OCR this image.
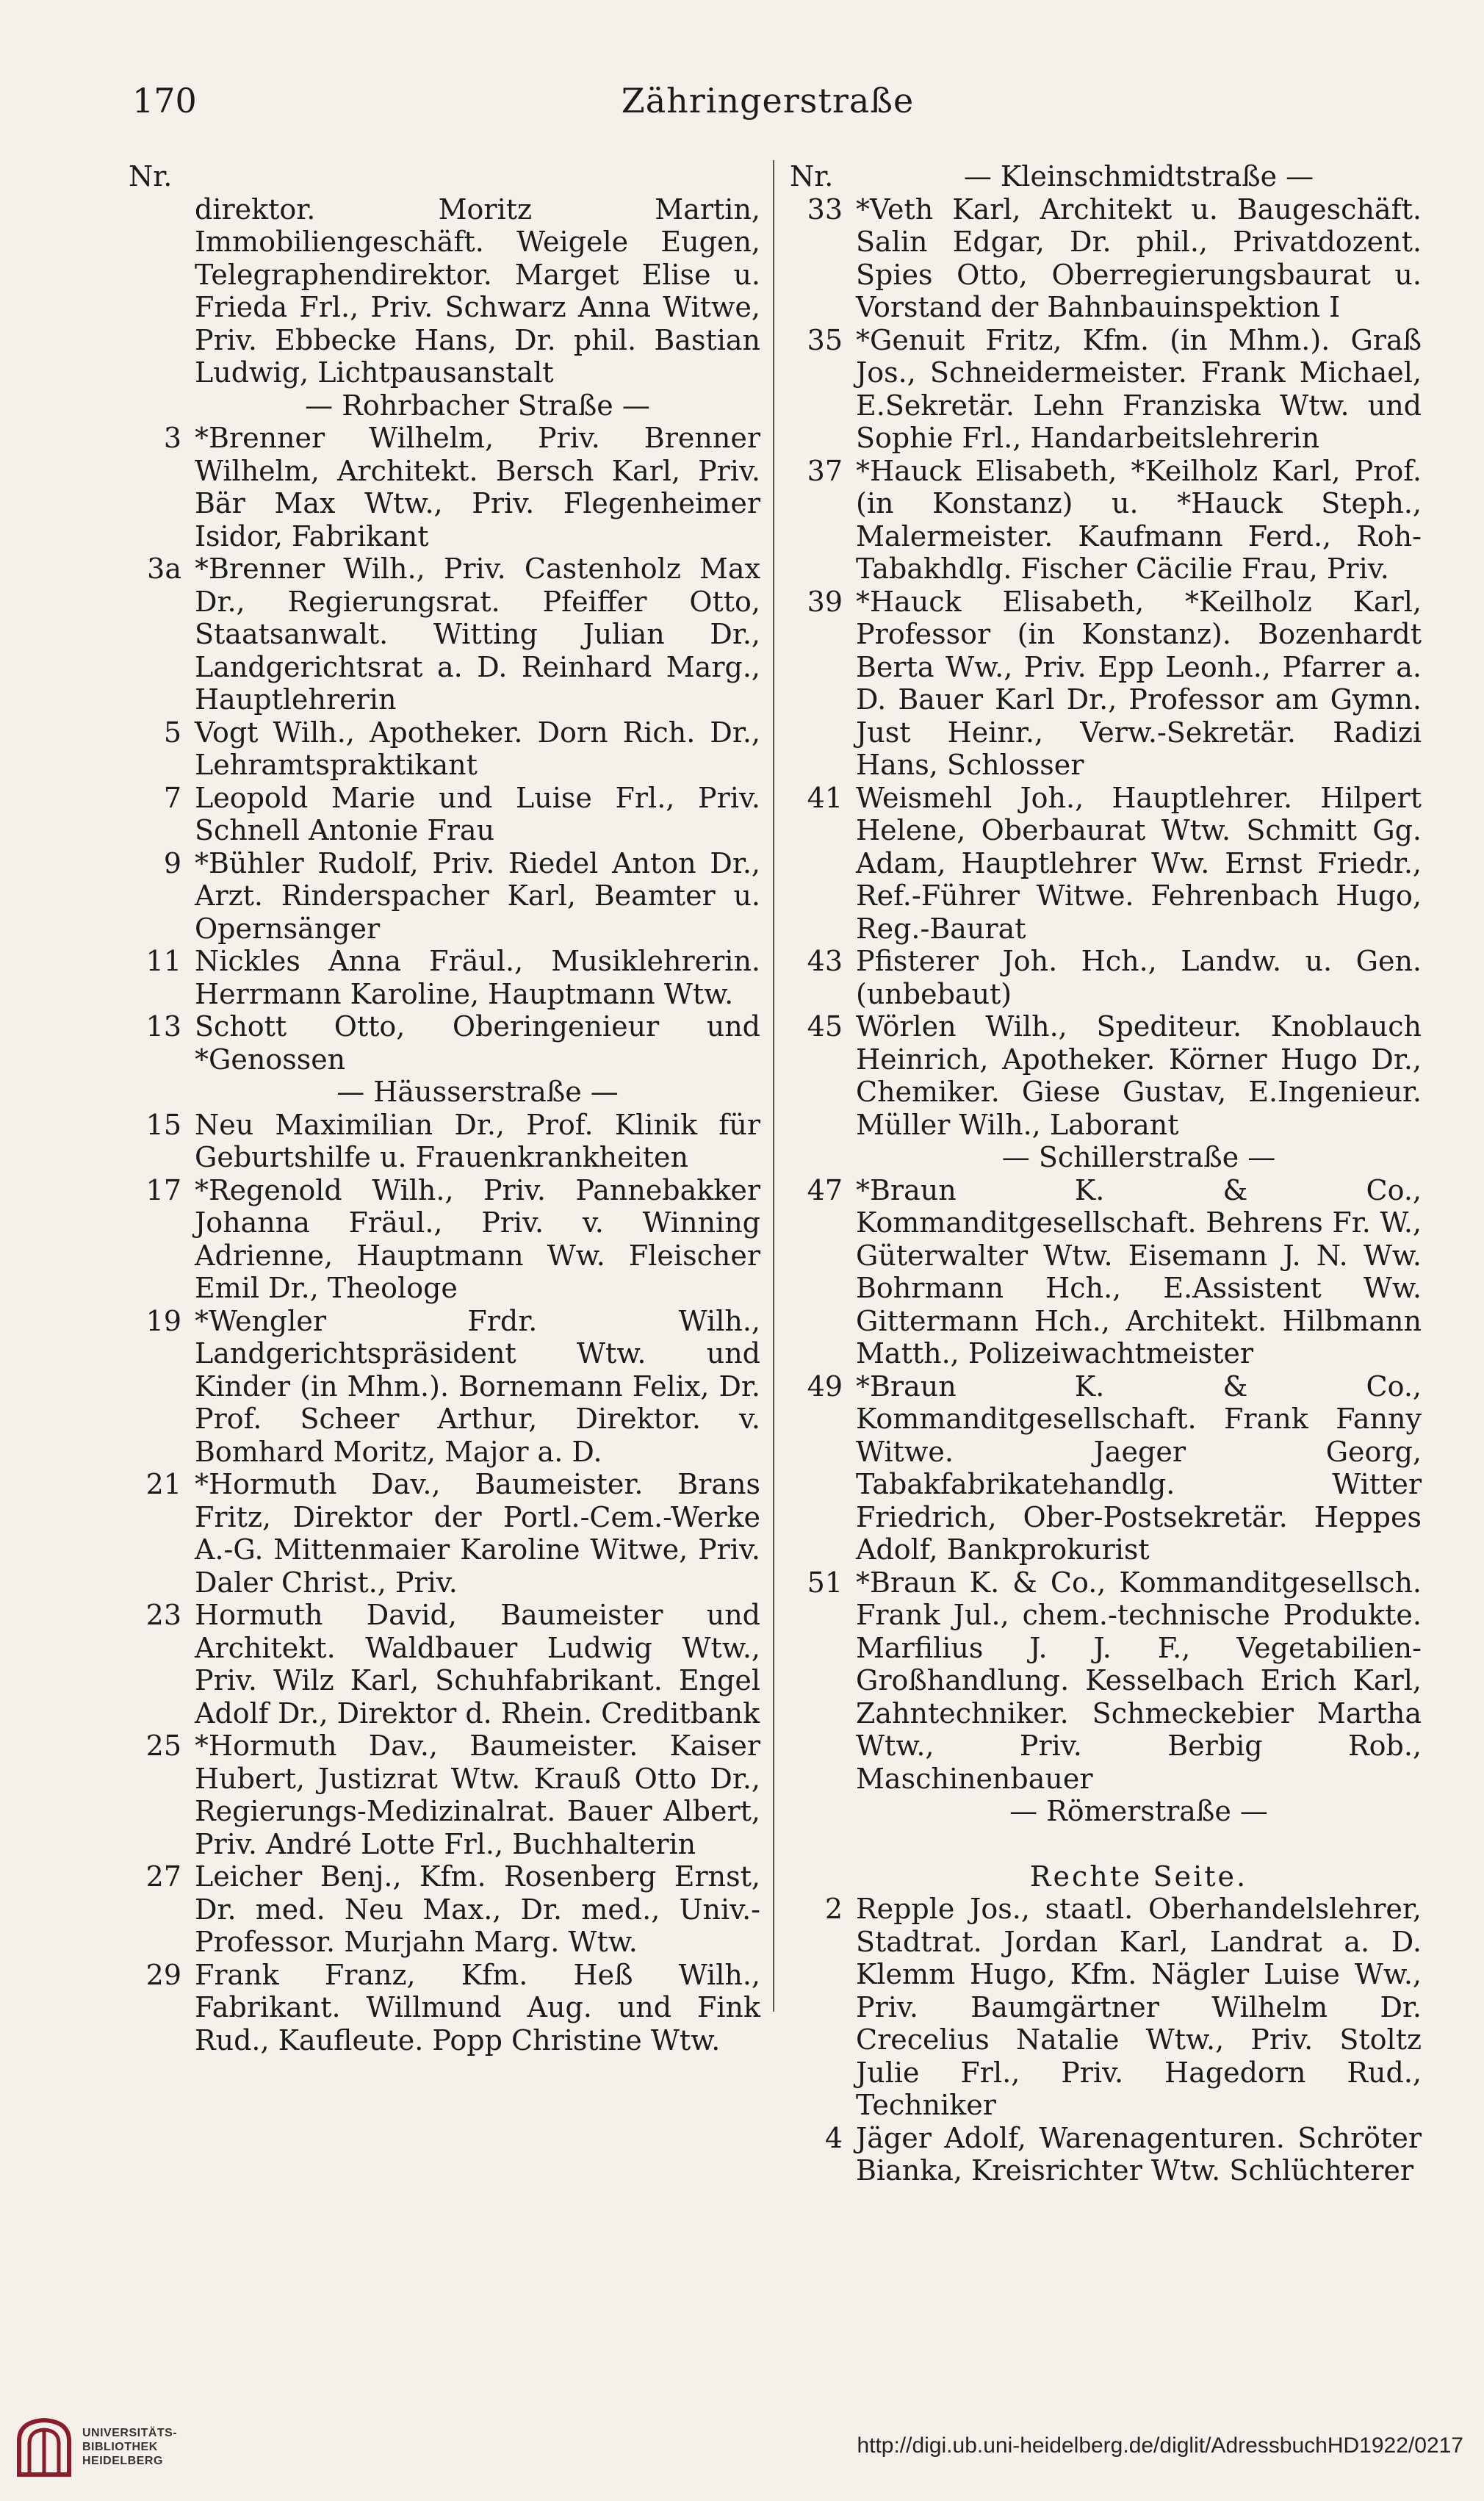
170	Zähringerstraße
Nr.
direktor. Moritz Martin, Immobiliengeschäft. Weigele Eugen, Telegraphendirektor. Marget Elise u. Frieda Frl., Priv. Schwarz Anna Witwe, Priv. Ebbecke Hans, Dr. phil. Bastian Ludwig, Lichtpausanstalt
— Rohrbacher Straße —
3 *Brenner Wilhelm, Priv. Brenner Wilhelm, Architekt. Bersch Karl, Priv. Bär Max Wtw., Priv. Flegenheimer Isidor, Fabrikant
3a *Brenner Wilh., Priv. Castenholz Max Dr., Regierungsrat. Pfeiffer Otto, Staatsanwalt. Witting Julian Dr., Landgerichtsrat a. D. Reinhard Marg., Hauptlehrerin
5 Vogt Wilh., Apotheker. Dorn Rich. Dr., Lehramtspraktikant
7 Leopold Marie und Luise Frl., Priv. Schnell Antonie Frau
9 *Bühler Rudolf, Priv. Riedel Anton Dr., Arzt. Rinderspacher Karl, Beamter u. Opernsänger
11 Nickles Anna Fräul., Musiklehrerin. Herrmann Karoline, Hauptmann Wtw.
13 Schott Otto, Oberingenieur und *Genossen
— Häusserstraße —
15 Neu Maximilian Dr., Prof. Klinik für Geburtshilfe u. Frauenkrankheiten
17 *Regenold Wilh., Priv. Pannebakker Johanna Fräul., Priv. v. Winning Adrienne, Hauptmann Ww. Fleischer Emil Dr., Theologe
19 *Wengler Frdr. Wilh., Landgerichtspräsident Wtw. und Kinder (in Mhm.). Bornemann Felix, Dr. Prof. Scheer Arthur, Direktor. v. Bomhard Moritz, Major a. D.
21 *Hormuth Dav., Baumeister. Brans Fritz, Direktor der Portl.-Cem.-Werke A.-G. Mittenmaier Karoline Witwe, Priv. Daler Christ., Priv.
23 Hormuth David, Baumeister und Architekt. Waldbauer Ludwig Wtw., Priv. Wilz Karl, Schuhfabrikant. Engel Adolf Dr., Direktor d. Rhein. Creditbank
25 *Hormuth Dav., Baumeister. Kaiser Hubert, Justizrat Wtw. Krauß Otto Dr., Regierungs-Medizinalrat. Bauer Albert, Priv. André Lotte Frl., Buchhalterin
27 Leicher Benj., Kfm. Rosenberg Ernst, Dr. med. Neu Max., Dr. med., Univ.-Professor. Murjahn Marg. Wtw.
29 Frank Franz, Kfm. Heß Wilh., Fabrikant. Willmund Aug. und Fink Rud., Kaufleute. Popp Christine Wtw.
Nr.	— Kleinschmidtstraße —
33 *Veth Karl, Architekt u. Baugeschäft. Salin Edgar, Dr. phil., Privatdozent. Spies Otto, Oberregierungsbaurat u. Vorstand der Bahnbauinspektion I
35 *Genuit Fritz, Kfm. (in Mhm.). Graß Jos., Schneidermeister. Frank Michael, E.Sekretär. Lehn Franziska Wtw. und Sophie Frl., Handarbeitslehrerin
37 *Hauck Elisabeth, *Keilholz Karl, Prof. (in Konstanz) u. *Hauck Steph., Malermeister. Kaufmann Ferd., Roh-Tabakhdlg. Fischer Cäcilie Frau, Priv.
39 *Hauck Elisabeth, *Keilholz Karl, Professor (in Konstanz). Bozenhardt Berta Ww., Priv. Epp Leonh., Pfarrer a. D. Bauer Karl Dr., Professor am Gymn. Just Heinr., Verw.-Sekretär. Radizi Hans, Schlosser
41 Weismehl Joh., Hauptlehrer. Hilpert Helene, Oberbaurat Wtw. Schmitt Gg. Adam, Hauptlehrer Ww. Ernst Friedr., Ref.-Führer Witwe. Fehrenbach Hugo, Reg.-Baurat
43 Pfisterer Joh. Hch., Landw. u. Gen. (unbebaut)
45 Wörlen Wilh., Spediteur. Knoblauch Heinrich, Apotheker. Körner Hugo Dr., Chemiker. Giese Gustav, E.Ingenieur. Müller Wilh., Laborant
— Schillerstraße —
47 *Braun K. & Co., Kommanditgesellschaft. Behrens Fr. W., Güterwalter Wtw. Eisemann J. N. Ww. Bohrmann Hch., E.Assistent Ww. Gittermann Hch., Architekt. Hilbmann Matth., Polizeiwachtmeister
49 *Braun K. & Co., Kommanditgesellschaft. Frank Fanny Witwe. Jaeger Georg, Tabakfabrikatehandlg. Witter Friedrich, Ober-Postsekretär. Heppes Adolf, Bankprokurist
51 *Braun K. & Co., Kommanditgesellsch. Frank Jul., chem.-technische Produkte. Marfilius J. J. F., Vegetabilien-Großhandlung. Kesselbach Erich Karl, Zahntechniker. Schmeckebier Martha Wtw., Priv. Berbig Rob., Maschinenbauer
— Römerstraße —
Rechte Seite.
2 Repple Jos., staatl. Oberhandelslehrer, Stadtrat. Jordan Karl, Landrat a. D. Klemm Hugo, Kfm. Nägler Luise Ww., Priv. Baumgärtner Wilhelm Dr. Crecelius Natalie Wtw., Priv. Stoltz Julie Frl., Priv. Hagedorn Rud., Techniker
4 Jäger Adolf, Warenagenturen. Schröter Bianka, Kreisrichter Wtw. Schlüchterer
UNIVERSITÄTS-
BIBLIOTHEK
HEIDELBERG
http://digi.ub.uni-heidelberg.de/diglit/AdressbuchHD1922/0217
